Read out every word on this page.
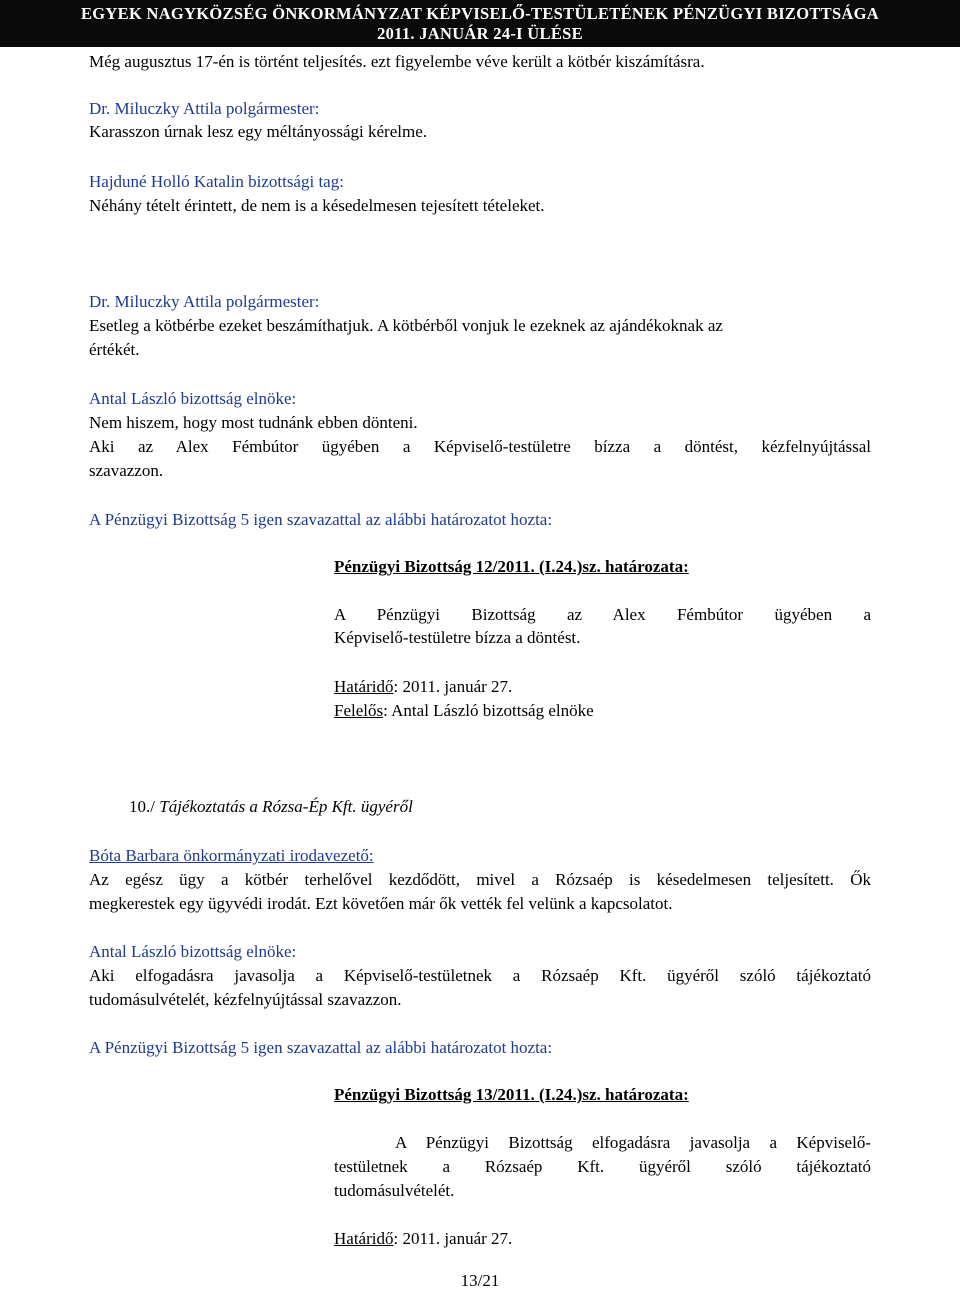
EGYEK NAGYKÖZSÉG ÖNKORMÁNYZAT KÉPVISELŐ-TESTÜLETÉNEK PÉNZÜGYI BIZOTTSÁGA
2011. JANUÁR 24-I ÜLÉSE
Még augusztus 17-én is történt teljesítés. ezt figyelembe véve került a kötbér kiszámításra.
Dr. Miluczky Attila polgármester:
Karasszon úrnak lesz egy méltányossági kérelme.
Hajduné Holló Katalin bizottsági tag:
Néhány tételt érintett, de nem is a késedelmesen tejesített tételeket.
Dr. Miluczky Attila polgármester:
Esetleg a kötbérbe ezeket beszámíthatjuk. A kötbérből vonjuk le ezeknek az ajándékoknak az
értékét.
Antal László bizottság elnöke:
Nem hiszem, hogy most tudnánk ebben dönteni.
Aki az Alex Fémbútor ügyében a Képviselő-testületre bízza a döntést, kézfelnyújtással
szavazzon.
A Pénzügyi Bizottság 5 igen szavazattal az alábbi határozatot hozta:
Pénzügyi Bizottság 12/2011. (I.24.)sz. határozata:
A Pénzügyi Bizottság az Alex Fémbútor ügyében a
Képviselő-testületre bízza a döntést.
Határidő: 2011. január 27.
Felelős: Antal László bizottság elnöke
10./ Tájékoztatás a Rózsa-Ép Kft. ügyéről
Bóta Barbara önkormányzati irodavezető:
Az egész ügy a kötbér terhelővel kezdődött, mivel a Rózsaép is késedelmesen teljesített. Ők
megkerestek egy ügyvédi irodát. Ezt követően már ők vették fel velünk a kapcsolatot.
Antal László bizottság elnöke:
Aki elfogadásra javasolja a Képviselő-testületnek a Rózsaép Kft. ügyéről szóló tájékoztató
tudomásulvételét, kézfelnyújtással szavazzon.
A Pénzügyi Bizottság 5 igen szavazattal az alábbi határozatot hozta:
Pénzügyi Bizottság 13/2011. (I.24.)sz. határozata:
A Pénzügyi Bizottság elfogadásra javasolja a Képviselő-
testületnek a Rózsaép Kft. ügyéről szóló tájékoztató
tudomásulvételét.
Határidő: 2011. január 27.
13/21
